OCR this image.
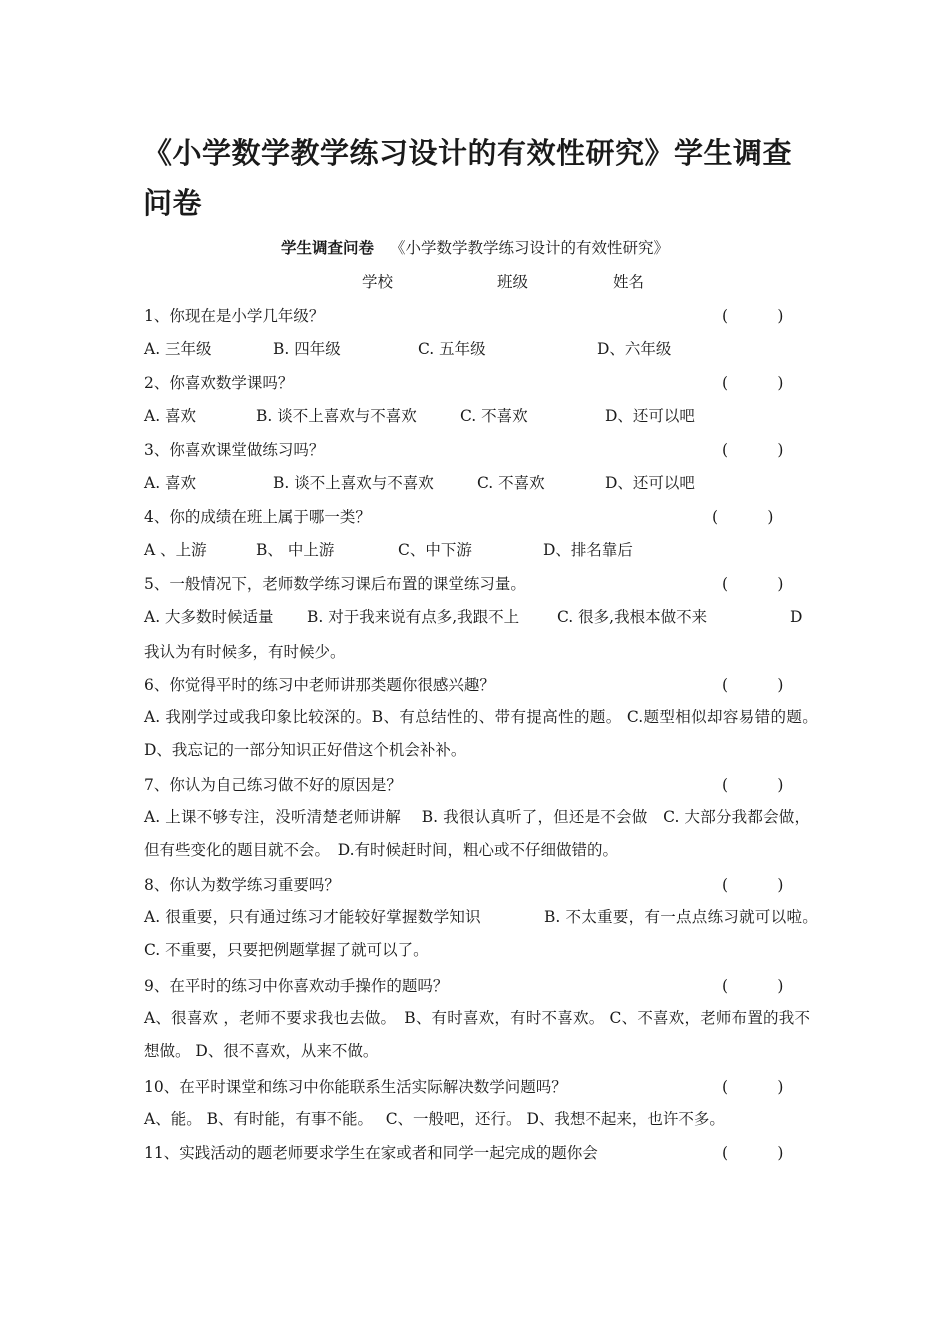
《小学数学教学练习设计的有效性研究》学生调查问卷
学生调查问卷 《小学数学教学练习设计的有效性研究》
学校	班级	姓名
1、你现在是小学几年级？	(          )
A. 三年级	B. 四年级	C. 五年级	D、六年级
2、你喜欢数学课吗？	(          )
A. 喜欢	B. 谈不上喜欢与不喜欢	C. 不喜欢	D、还可以吧
3、你喜欢课堂做练习吗？	(          )
A. 喜欢	B. 谈不上喜欢与不喜欢	C. 不喜欢	D、还可以吧
4、你的成绩在班上属于哪一类？	(          )
A 、上游	B、 中上游	C、中下游	D、排名靠后
5、一般情况下，老师数学练习课后布置的课堂练习量。	(          )
A. 大多数时候适量 B. 对于我来说有点多,我跟不上 C. 很多,我根本做不来	D
我认为有时候多，有时候少。
6、你觉得平时的练习中老师讲那类题你很感兴趣？	(          )
A. 我刚学过或我印象比较深的。B、有总结性的、带有提高性的题。 C.题型相似却容易错的题。　D、我忘记的一部分知识正好借这个机会补补。
7、你认为自己练习做不好的原因是？	(          )
A. 上课不够专注，没听清楚老师讲解　 B. 我很认真听了，但还是不会做　C. 大部分我都会做，但有些变化的题目就不会。　D.有时候赶时间，粗心或不仔细做错的。
8、你认为数学练习重要吗？	(          )
A. 很重要，只有通过练习才能较好掌握数学知识　　　　B. 不太重要，有一点点练习就可以啦。　　 C. 不重要，只要把例题掌握了就可以了。
9、在平时的练习中你喜欢动手操作的题吗？	(          )
A、很喜欢 ，老师不要求我也去做。　B、有时喜欢，有时不喜欢。 C、不喜欢，老师布置的我不想做。 D、很不喜欢，从来不做。
10、在平时课堂和练习中你能联系生活实际解决数学问题吗？	(          )
A、能。 B、有时能，有事不能。　 C、一般吧，还行。 D、我想不起来，也许不多。
11、实践活动的题老师要求学生在家或者和同学一起完成的题你会	(          )
